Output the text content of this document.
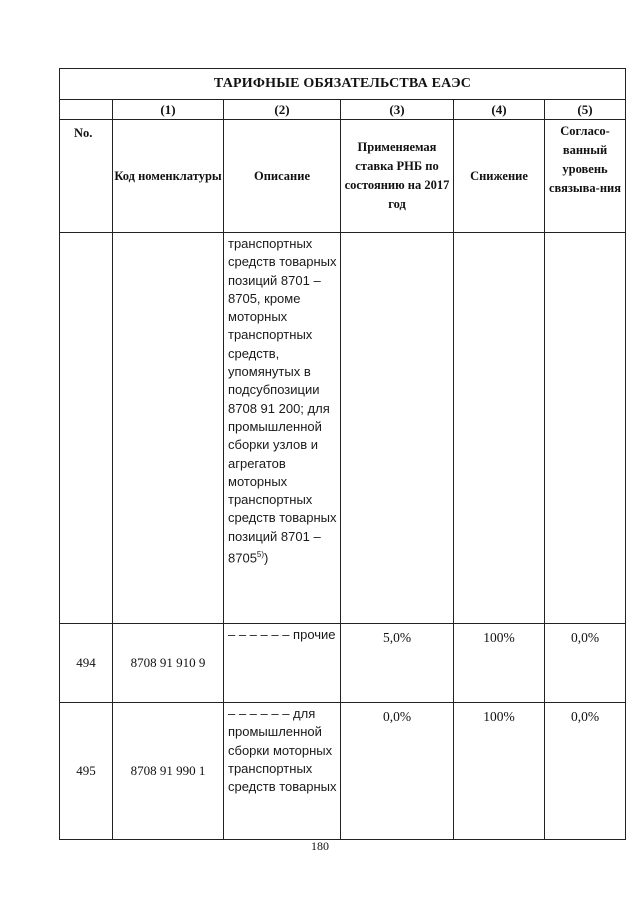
ТАРИФНЫЕ ОБЯЗАТЕЛЬСТВА ЕАЭС					
	(1)	(2)	(3)	(4)	(5)
No.	Код номенклатуры	Описание	Применяемая ставка РНБ по состоянию на 2017 год	Снижение	Согласо-ванный уровень связыва-ния
		транспортных средств товарных позиций 8701 – 8705, кроме моторных транспортных средств, упомянутых в подсубпозиции 8708 91 200; для промышленной сборки узлов и агрегатов моторных транспортных средств товарных позиций 8701 – 8705$^{5)}$)			
494	8708 91 910 9	– – – – – – прочие	5,0%	100%	0,0%
495	8708 91 990 1	– – – – – – для промышленной сборки моторных транспортных средств товарных	0,0%	100%	0,0%
180
